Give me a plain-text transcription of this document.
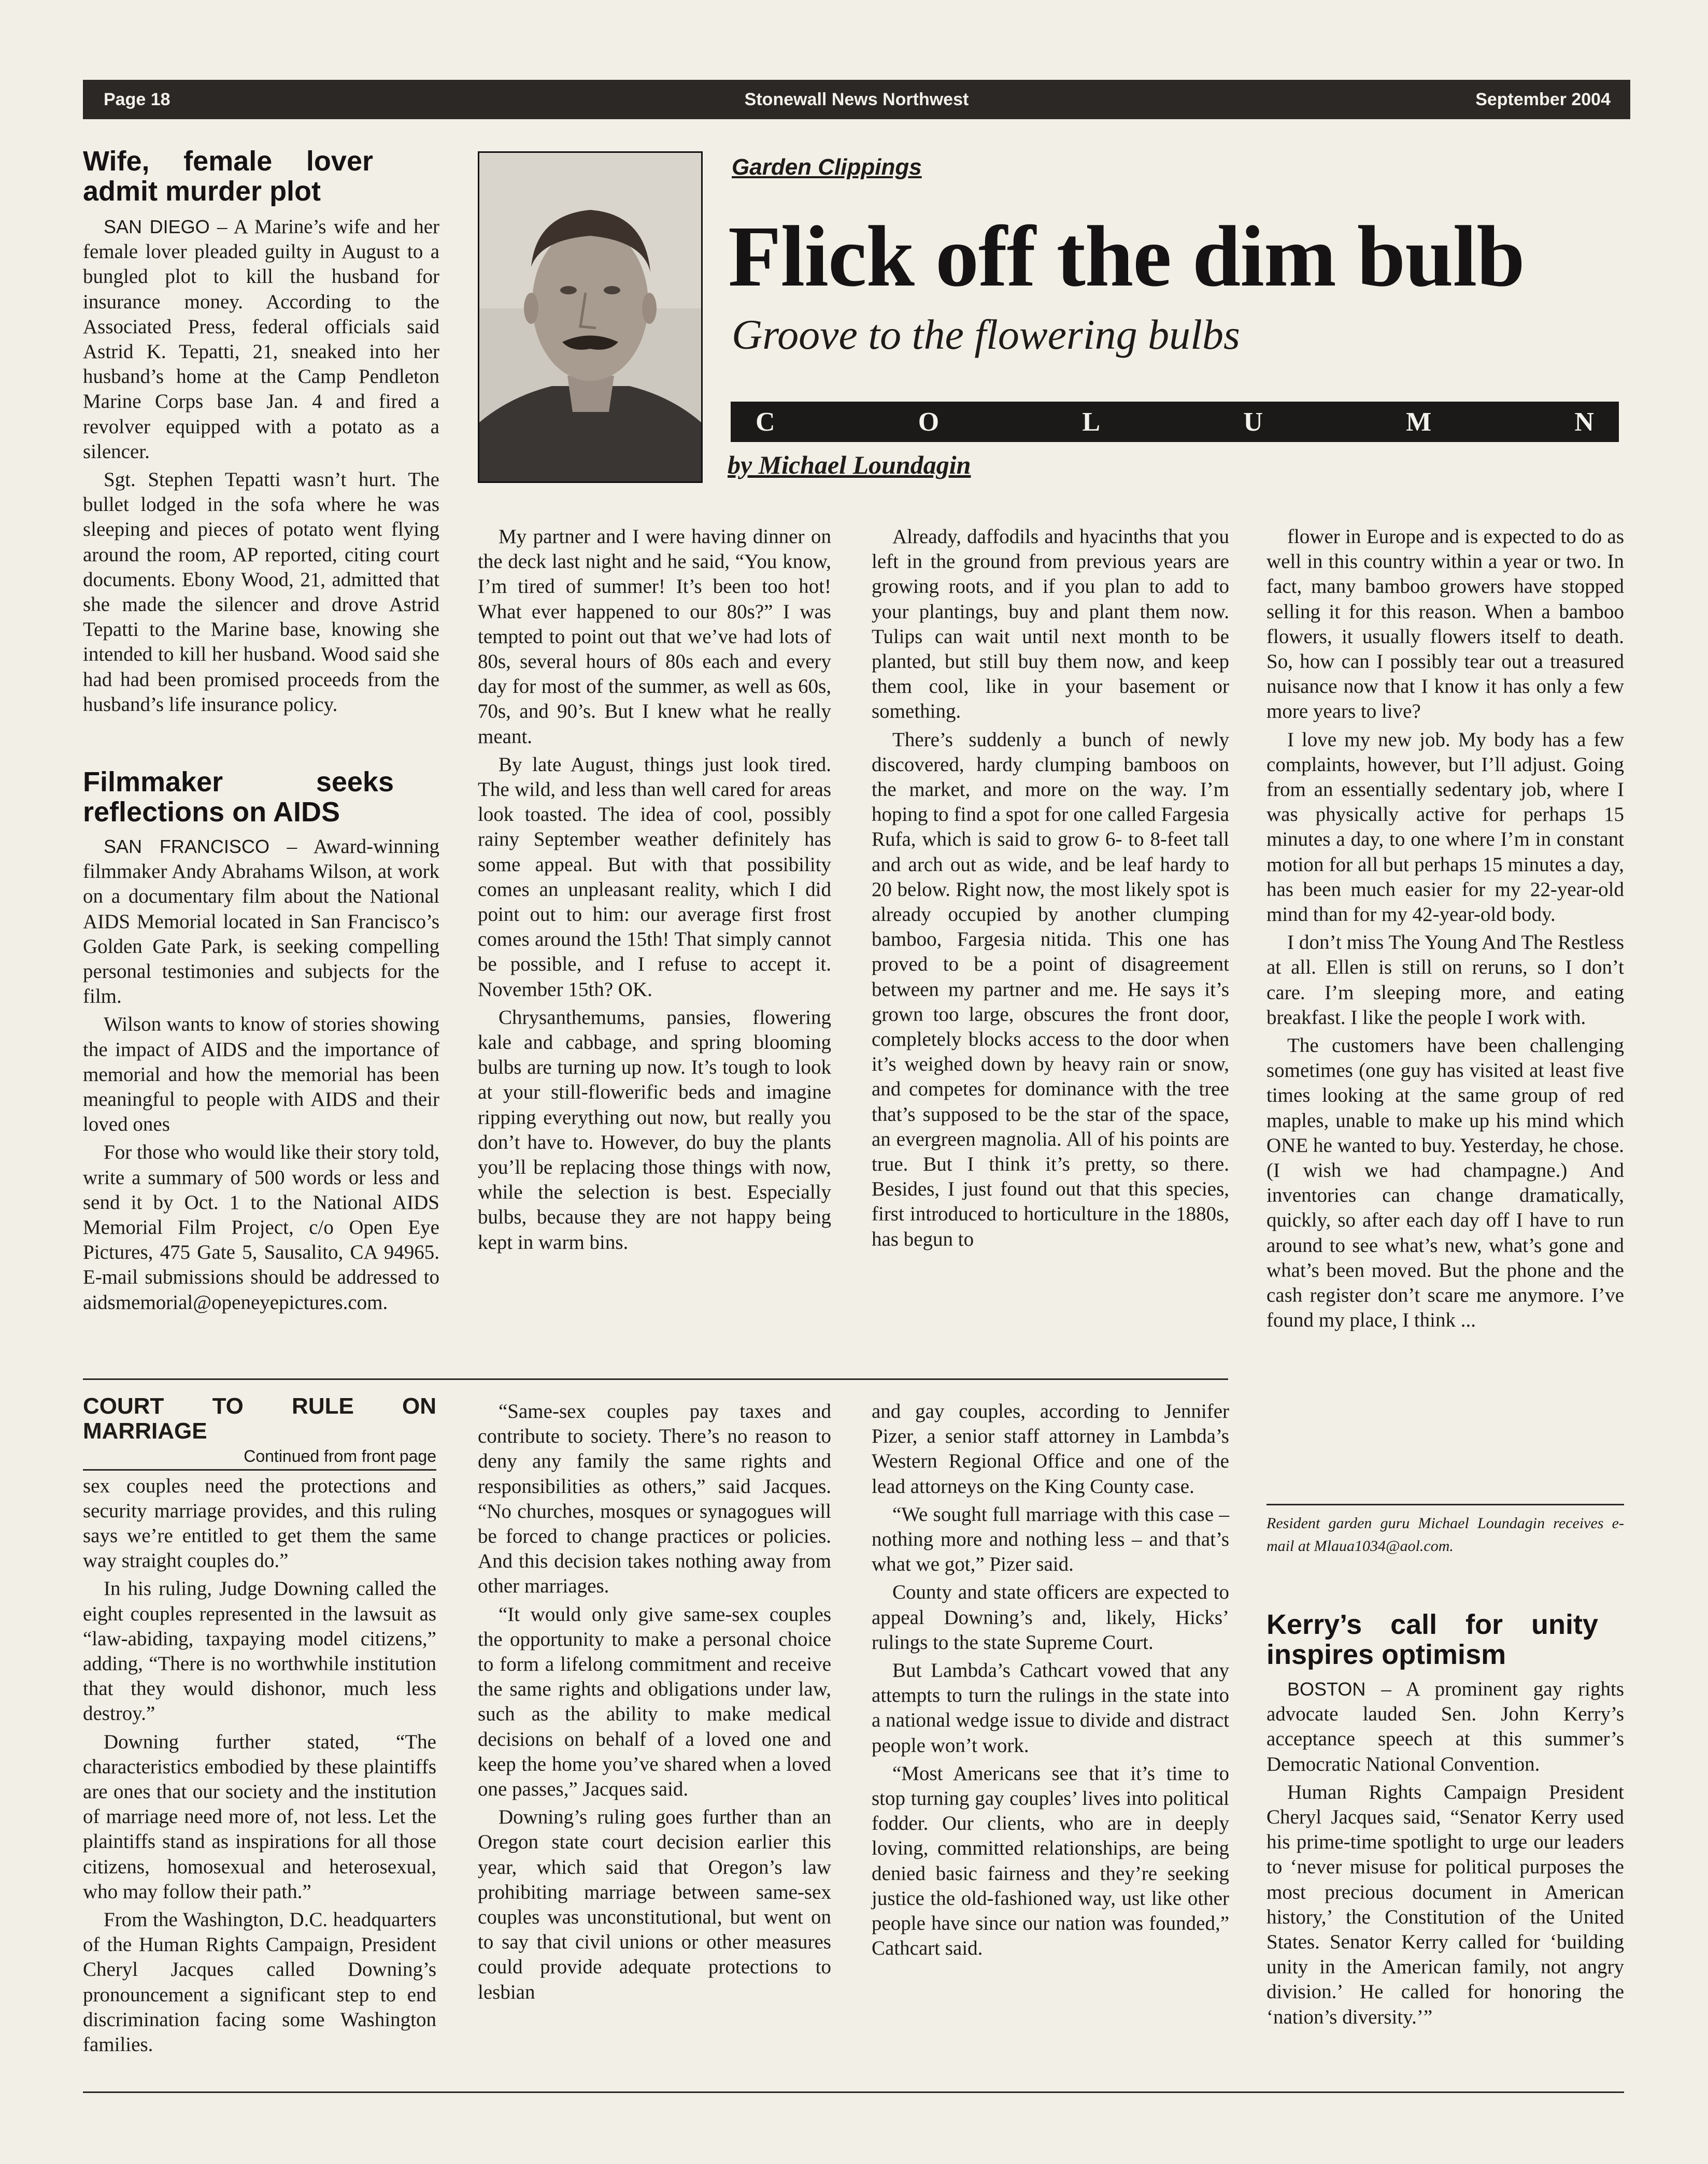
Page 18	Stonewall News Northwest	September 2004
Wife, female lover admit murder plot

SAN DIEGO – A Marine’s wife and her female lover pleaded guilty in August to a bungled plot to kill the husband for insurance money. According to the Associated Press, federal officials said Astrid K. Tepatti, 21, sneaked into her husband’s home at the Camp Pendleton Marine Corps base Jan. 4 and fired a revolver equipped with a potato as a silencer.

Sgt. Stephen Tepatti wasn’t hurt. The bullet lodged in the sofa where he was sleeping and pieces of potato went flying around the room, AP reported, citing court documents. Ebony Wood, 21, admitted that she made the silencer and drove Astrid Tepatti to the Marine base, knowing she intended to kill her husband. Wood said she had had been promised proceeds from the husband’s life insurance policy.

Filmmaker seeks reflections on AIDS

SAN FRANCISCO – Award-winning filmmaker Andy Abrahams Wilson, at work on a documentary film about the National AIDS Memorial located in San Francisco’s Golden Gate Park, is seeking compelling personal testimonies and subjects for the film.

Wilson wants to know of stories showing the impact of AIDS and the importance of memorial and how the memorial has been meaningful to people with AIDS and their loved ones

For those who would like their story told, write a summary of 500 words or less and send it by Oct. 1 to the National AIDS Memorial Film Project, c/o Open Eye Pictures, 475 Gate 5, Sausalito, CA 94965. E-mail submissions should be addressed to aidsmemorial@openeyepictures.com.

Garden Clippings
Flick off the dim bulb
Groove to the flowering bulbs
C	O	L	U	M	N
by Michael Loundagin

My partner and I were having dinner on the deck last night and he said, “You know, I’m tired of summer! It’s been too hot! What ever happened to our 80s?” I was tempted to point out that we’ve had lots of 80s, several hours of 80s each and every day for most of the summer, as well as 60s, 70s, and 90’s. But I knew what he really meant.

By late August, things just look tired. The wild, and less than well cared for areas look toasted. The idea of cool, possibly rainy September weather definitely has some appeal. But with that possibility comes an unpleasant reality, which I did point out to him: our average first frost comes around the 15th! That simply cannot be possible, and I refuse to accept it. November 15th? OK.

Chrysanthemums, pansies, flowering kale and cabbage, and spring blooming bulbs are turning up now. It’s tough to look at your still-flowerific beds and imagine ripping everything out now, but really you don’t have to. However, do buy the plants you’ll be replacing those things with now, while the selection is best. Especially bulbs, because they are not happy being kept in warm bins.

Already, daffodils and hyacinths that you left in the ground from previous years are growing roots, and if you plan to add to your plantings, buy and plant them now. Tulips can wait until next month to be planted, but still buy them now, and keep them cool, like in your basement or something.

There’s suddenly a bunch of newly discovered, hardy clumping bamboos on the market, and more on the way. I’m hoping to find a spot for one called Fargesia Rufa, which is said to grow 6- to 8-feet tall and arch out as wide, and be leaf hardy to 20 below. Right now, the most likely spot is already occupied by another clumping bamboo, Fargesia nitida. This one has proved to be a point of disagreement between my partner and me. He says it’s grown too large, obscures the front door, completely blocks access to the door when it’s weighed down by heavy rain or snow, and competes for dominance with the tree that’s supposed to be the star of the space, an evergreen magnolia. All of his points are true. But I think it’s pretty, so there. Besides, I just found out that this species, first introduced to horticulture in the 1880s, has begun to

flower in Europe and is expected to do as well in this country within a year or two. In fact, many bamboo growers have stopped selling it for this reason. When a bamboo flowers, it usually flowers itself to death. So, how can I possibly tear out a treasured nuisance now that I know it has only a few more years to live?

I love my new job. My body has a few complaints, however, but I’ll adjust. Going from an essentially sedentary job, where I was physically active for perhaps 15 minutes a day, to one where I’m in constant motion for all but perhaps 15 minutes a day, has been much easier for my 22-year-old mind than for my 42-year-old body.

I don’t miss The Young And The Restless at all. Ellen is still on reruns, so I don’t care. I’m sleeping more, and eating breakfast. I like the people I work with.

The customers have been challenging sometimes (one guy has visited at least five times looking at the same group of red maples, unable to make up his mind which ONE he wanted to buy. Yesterday, he chose. (I wish we had champagne.) And inventories can change dramatically, quickly, so after each day off I have to run around to see what’s new, what’s gone and what’s been moved. But the phone and the cash register don’t scare me anymore. I’ve found my place, I think ...

Resident garden guru Michael Loundagin receives e-mail at Mlaua1034@aol.com.
COURT TO RULE ON MARRIAGE
Continued from front page

sex couples need the protections and security marriage provides, and this ruling says we’re entitled to get them the same way straight couples do.”

In his ruling, Judge Downing called the eight couples represented in the lawsuit as “law-abiding, taxpaying model citizens,” adding, “There is no worthwhile institution that they would dishonor, much less destroy.”

Downing further stated, “The characteristics embodied by these plaintiffs are ones that our society and the institution of marriage need more of, not less. Let the plaintiffs stand as inspirations for all those citizens, homosexual and heterosexual, who may follow their path.”

From the Washington, D.C. headquarters of the Human Rights Campaign, President Cheryl Jacques called Downing’s pronouncement a significant step to end discrimination facing some Washington families.

“Same-sex couples pay taxes and contribute to society. There’s no reason to deny any family the same rights and responsibilities as others,” said Jacques. “No churches, mosques or synagogues will be forced to change practices or policies. And this decision takes nothing away from other marriages.

“It would only give same-sex couples the opportunity to make a personal choice to form a lifelong commitment and receive the same rights and obligations under law, such as the ability to make medical decisions on behalf of a loved one and keep the home you’ve shared when a loved one passes,” Jacques said.

Downing’s ruling goes further than an Oregon state court decision earlier this year, which said that Oregon’s law prohibiting marriage between same-sex couples was unconstitutional, but went on to say that civil unions or other measures could provide adequate protections to lesbian

and gay couples, according to Jennifer Pizer, a senior staff attorney in Lambda’s Western Regional Office and one of the lead attorneys on the King County case.

“We sought full marriage with this case – nothing more and nothing less – and that’s what we got,” Pizer said.

County and state officers are expected to appeal Downing’s and, likely, Hicks’ rulings to the state Supreme Court.

But Lambda’s Cathcart vowed that any attempts to turn the rulings in the state into a national wedge issue to divide and distract people won’t work.

“Most Americans see that it’s time to stop turning gay couples’ lives into political fodder. Our clients, who are in deeply loving, committed relationships, are being denied basic fairness and they’re seeking justice the old-fashioned way, ust like other people have since our nation was founded,” Cathcart said.

Kerry’s call for unity inspires optimism

BOSTON – A prominent gay rights advocate lauded Sen. John Kerry’s acceptance speech at this summer’s Democratic National Convention.

Human Rights Campaign President Cheryl Jacques said, “Senator Kerry used his prime-time spotlight to urge our leaders to ‘never misuse for political purposes the most precious document in American history,’ the Constitution of the United States. Senator Kerry called for ‘building unity in the American family, not angry division.’ He called for honoring the ‘nation’s diversity.’”
